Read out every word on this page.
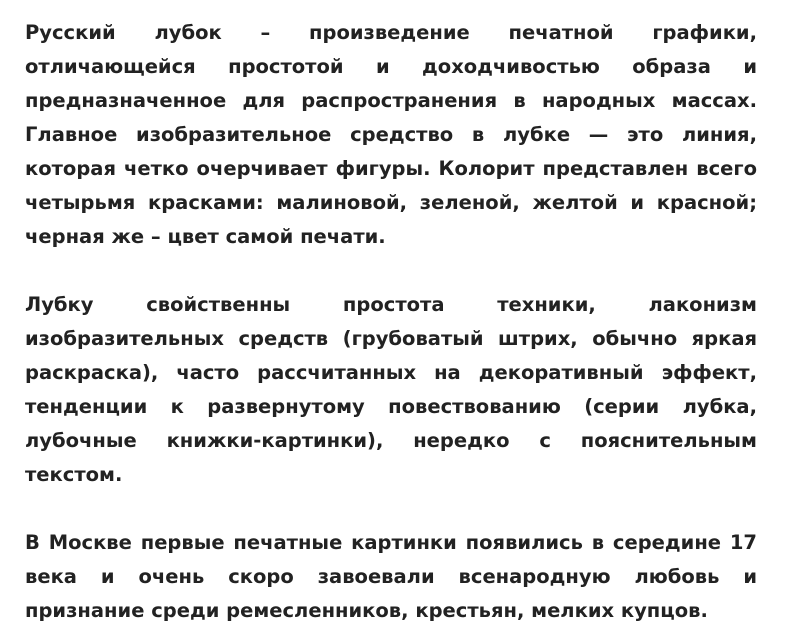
Русский лубок – произведение печатной графики, отличающейся простотой и доходчивостью образа и предназначенное для распространения в народных массах. Главное изобразительное средство в лубке — это линия, которая четко очерчивает фигуры. Колорит представлен всего четырьмя красками: малиновой, зеленой, желтой и красной; черная же – цвет самой печати.

Лубку свойственны простота техники, лаконизм изобразительных средств (грубоватый штрих, обычно яркая раскраска), часто рассчитанных на декоративный эффект, тенденции к развернутому повествованию (серии лубка, лубочные книжки-картинки), нередко с пояснительным текстом.

В Москве первые печатные картинки появились в середине 17 века и очень скоро завоевали всенародную любовь и признание среди ремесленников, крестьян, мелких купцов.
